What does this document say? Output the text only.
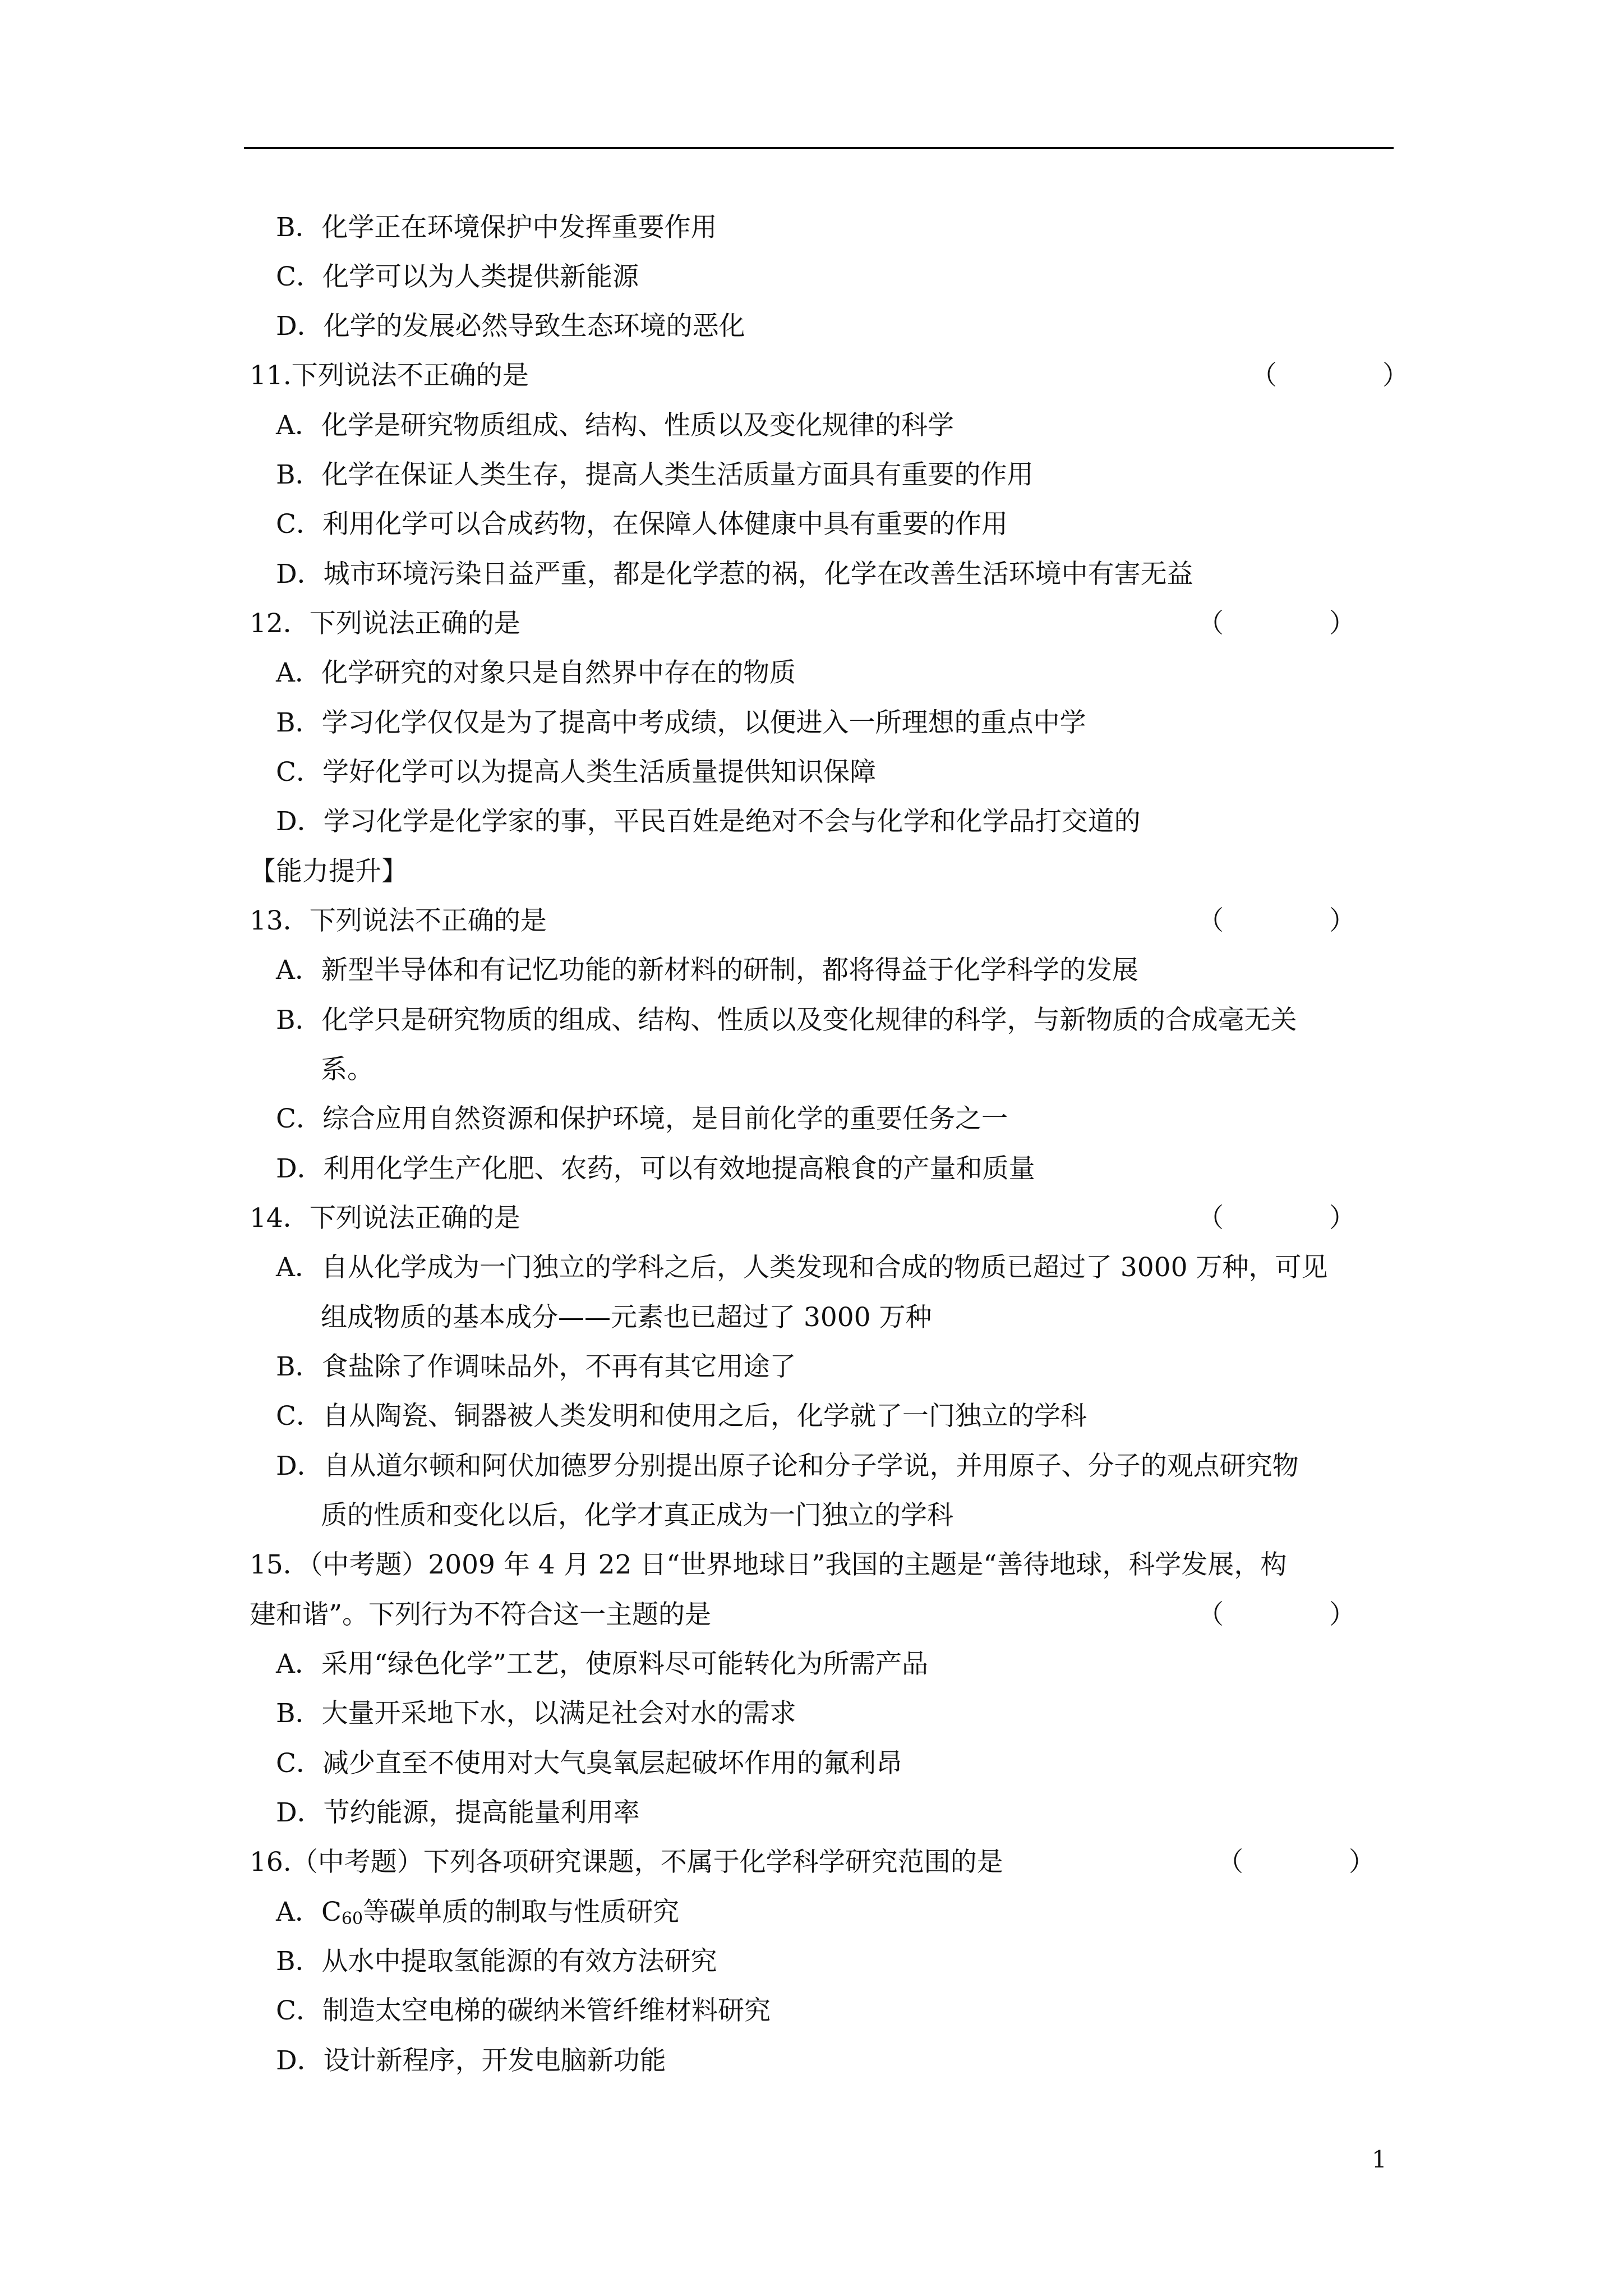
B．化学正在环境保护中发挥重要作用
C．化学可以为人类提供新能源
D．化学的发展必然导致生态环境的恶化
11.下列说法不正确的是	（　　　　）
A．化学是研究物质组成、结构、性质以及变化规律的科学
B．化学在保证人类生存，提高人类生活质量方面具有重要的作用
C．利用化学可以合成药物，在保障人体健康中具有重要的作用
D．城市环境污染日益严重，都是化学惹的祸，化学在改善生活环境中有害无益
12．下列说法正确的是	（　　　　）
A．化学研究的对象只是自然界中存在的物质
B．学习化学仅仅是为了提高中考成绩，以便进入一所理想的重点中学
C．学好化学可以为提高人类生活质量提供知识保障
D．学习化学是化学家的事，平民百姓是绝对不会与化学和化学品打交道的
【能力提升】
13．下列说法不正确的是	（　　　　）
A．新型半导体和有记忆功能的新材料的研制，都将得益于化学科学的发展
B．化学只是研究物质的组成、结构、性质以及变化规律的科学，与新物质的合成毫无关
系。
C．综合应用自然资源和保护环境，是目前化学的重要任务之一
D．利用化学生产化肥、农药，可以有效地提高粮食的产量和质量
14．下列说法正确的是	（　　　　）
A．自从化学成为一门独立的学科之后，人类发现和合成的物质已超过了 3000 万种，可见
组成物质的基本成分——元素也已超过了 3000 万种
B．食盐除了作调味品外，不再有其它用途了
C．自从陶瓷、铜器被人类发明和使用之后，化学就了一门独立的学科
D．自从道尔顿和阿伏加德罗分别提出原子论和分子学说，并用原子、分子的观点研究物
质的性质和变化以后，化学才真正成为一门独立的学科
15．（中考题）2009 年 4 月 22 日“世界地球日”我国的主题是“善待地球，科学发展，构
建和谐”。下列行为不符合这一主题的是	（　　　　）
A．采用“绿色化学”工艺，使原料尽可能转化为所需产品
B．大量开采地下水，以满足社会对水的需求
C．减少直至不使用对大气臭氧层起破坏作用的氟利昂
D．节约能源，提高能量利用率
16.（中考题）下列各项研究课题，不属于化学科学研究范围的是	（　　　　）
A．$C_{60}$等碳单质的制取与性质研究
B．从水中提取氢能源的有效方法研究
C．制造太空电梯的碳纳米管纤维材料研究
D．设计新程序，开发电脑新功能
1
